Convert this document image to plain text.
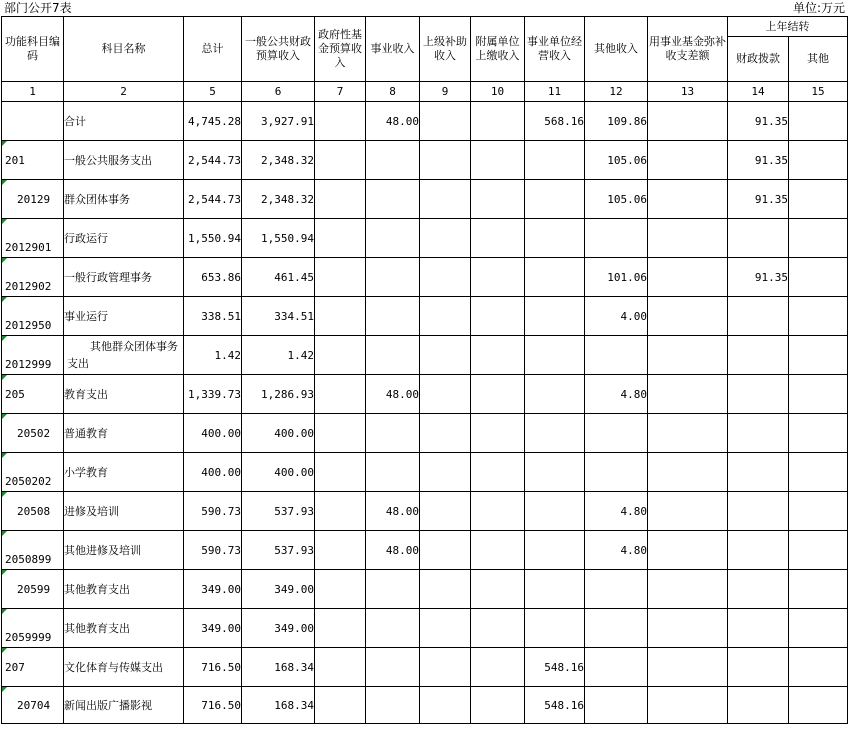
部门公开7表	单位:万元
功能科目编码	科目名称	总计	一般公共财政预算收入	政府性基金预算收入	事业收入	上级补助收入	附属单位上缴收入	事业单位经营收入	其他收入	用事业基金弥补收支差额	上年结转	
											财政拨款	其他
1	2	5	6	7	8	9	10	11	12	13	14	15
	合计	4,745.28	3,927.91		48.00			568.16	109.86		91.35	

201	一般公共服务支出	2,544.73	2,348.32						105.06		91.35	

20129	群众团体事务	2,544.73	2,348.32						105.06		91.35	

2012901	行政运行	1,550.94	1,550.94									

2012902	一般行政管理事务	653.86	461.45						101.06		91.35	

2012950	事业运行	338.51	334.51						4.00			

2012999	其他群众团体事务支出	1.42	1.42									

205	教育支出	1,339.73	1,286.93		48.00				4.80			

20502	普通教育	400.00	400.00									

2050202	小学教育	400.00	400.00									

20508	进修及培训	590.73	537.93		48.00				4.80			

2050899	其他进修及培训	590.73	537.93		48.00				4.80			

20599	其他教育支出	349.00	349.00									

2059999	其他教育支出	349.00	349.00									

207	文化体育与传媒支出	716.50	168.34					548.16				

20704	新闻出版广播影视	716.50	168.34					548.16				
